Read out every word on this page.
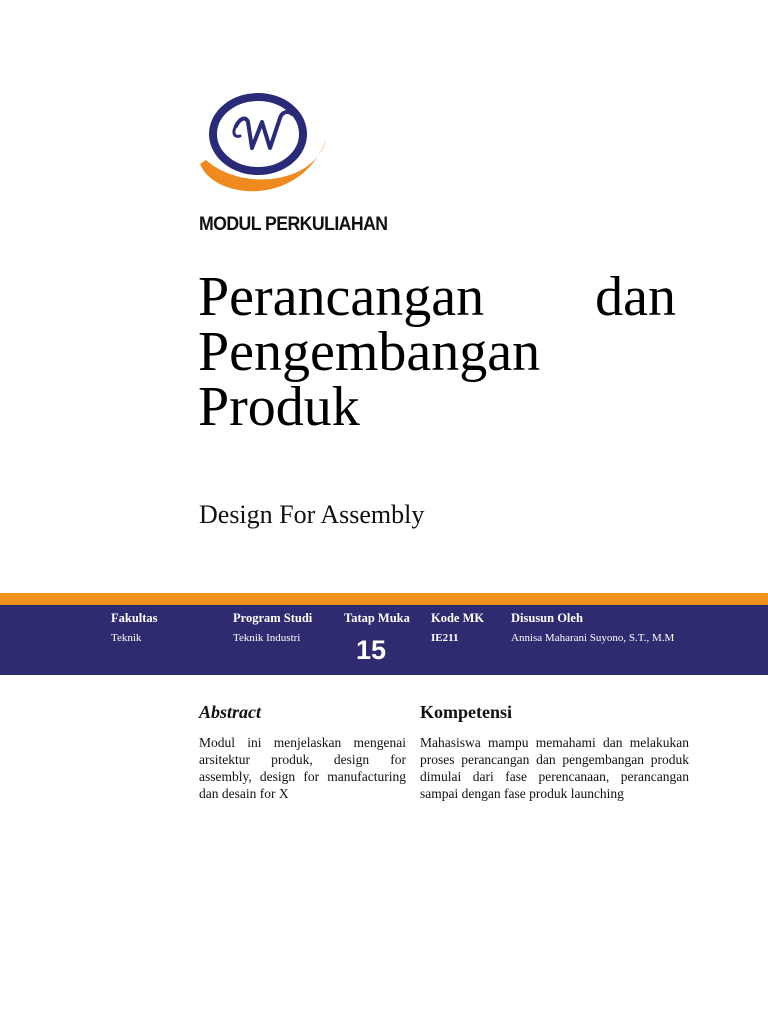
MODUL PERKULIAHAN
Perancangan dan Pengembangan Produk
Design For Assembly
Fakultas
Teknik
Program Studi
Teknik Industri
Tatap Muka
15
Kode MK
IE211
Disusun Oleh
Annisa Maharani Suyono, S.T., M.M
Abstract	Kompetensi

Modul ini menjelaskan mengenai arsitektur produk, design for assembly, design for manufacturing dan desain for X

Mahasiswa mampu memahami dan melakukan proses perancangan dan pengembangan produk dimulai dari fase perencanaan, perancangan sampai dengan fase produk launching
